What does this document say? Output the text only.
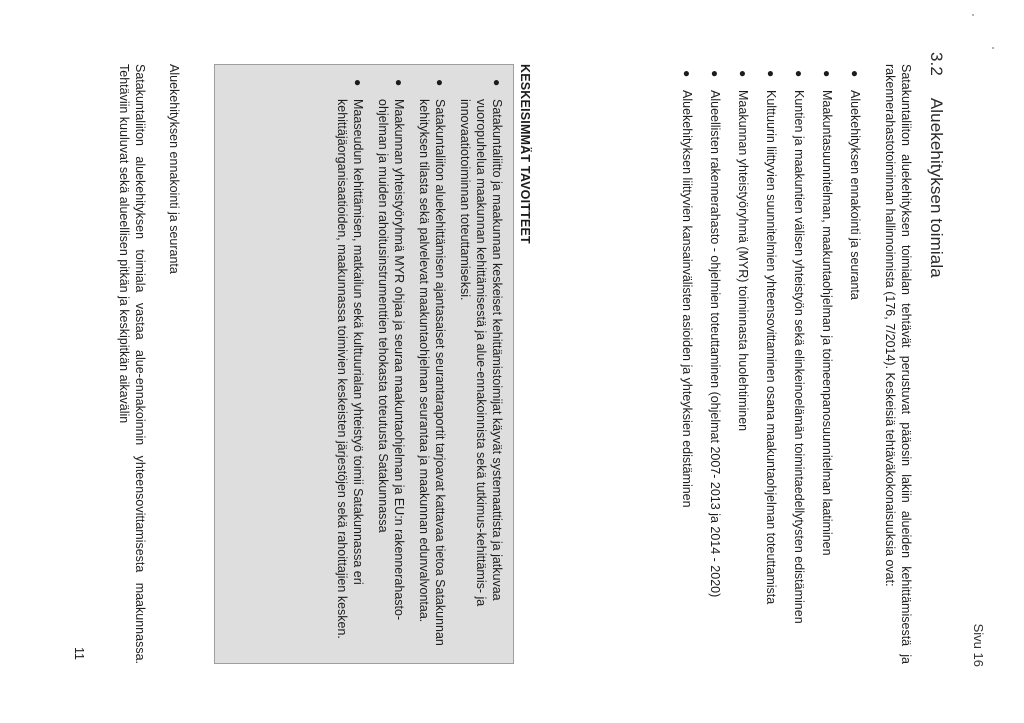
Sivu 16
3.2 Aluekehityksen toimiala
Satakuntaliiton aluekehityksen toimialan tehtävät perustuvat pääosin lakiin alueiden kehittämisestä ja rakennerahastotoiminnan hallinnoinnista (176, 7/2014). Keskeisiä tehtäväkokonaisuuksia ovat:
●
Aluekehityksen ennakointi ja seuranta
●
Maakuntasuunnitelman, maakuntaohjelman ja toimeenpanosuunnitelman laatiminen
●
Kuntien ja maakuntien välisen yhteistyön sekä elinkeinoelämän toimintaedellytysten edistäminen
●
Kulttuurin liittyvien suunnitelmien yhteensovittaminen osana maakuntaohjelman toteuttamista
●
Maakunnan yhteistyöryhmä (MYR) toiminnasta huolehtiminen
●
Alueellisten rakennerahasto - ohjelmien toteuttaminen (ohjelmat 2007- 2013 ja 2014 - 2020)
●
Aluekehityksen liittyvien kansainvälisten asioiden ja yhteyksien edistäminen
KESKEISIMMÄT TAVOITTEET
●
Satakuntaliitto ja maakunnan keskeiset kehittämistoimijat käyvät systemaattista ja jatkuvaa vuoropuhelua maakunnan kehittämisestä ja alue-ennakoinnista sekä tutkimus-kehittämis- ja innovaatiotoiminnan toteuttamiseksi.
●
Satakuntaliiton aluekehittämisen ajantasaiset seurantaraportit tarjoavat kattavaa tietoa Satakunnan kehityksen tilasta sekä palvelevat maakuntaohjelman seurantaa ja maakunnan edunvalvontaa.
●
Maakunnan yhteistyöryhmä MYR ohjaa ja seuraa maakuntaohjelman ja EU:n rakennerahasto-ohjelman ja muiden rahoitusinstrumenttien tehokasta toteutusta Satakunnassa
●
Maaseudun kehittämisen, matkailun sekä kulttuurialan yhteistyö toimii Satakunnassa eri kehittäjäorganisaatioiden, maakunnassa toimivien keskeisten järjestöjen sekä rahoittajien kesken.
Aluekehityksen ennakointi ja seuranta
Satakuntaliiton aluekehityksen toimiala vastaa alue-ennakoinnin yhteensovittamisesta maakunnassa. Tehtäviin kuuluvat sekä alueellisen pitkän ja keskipitkän aikavälin
11
